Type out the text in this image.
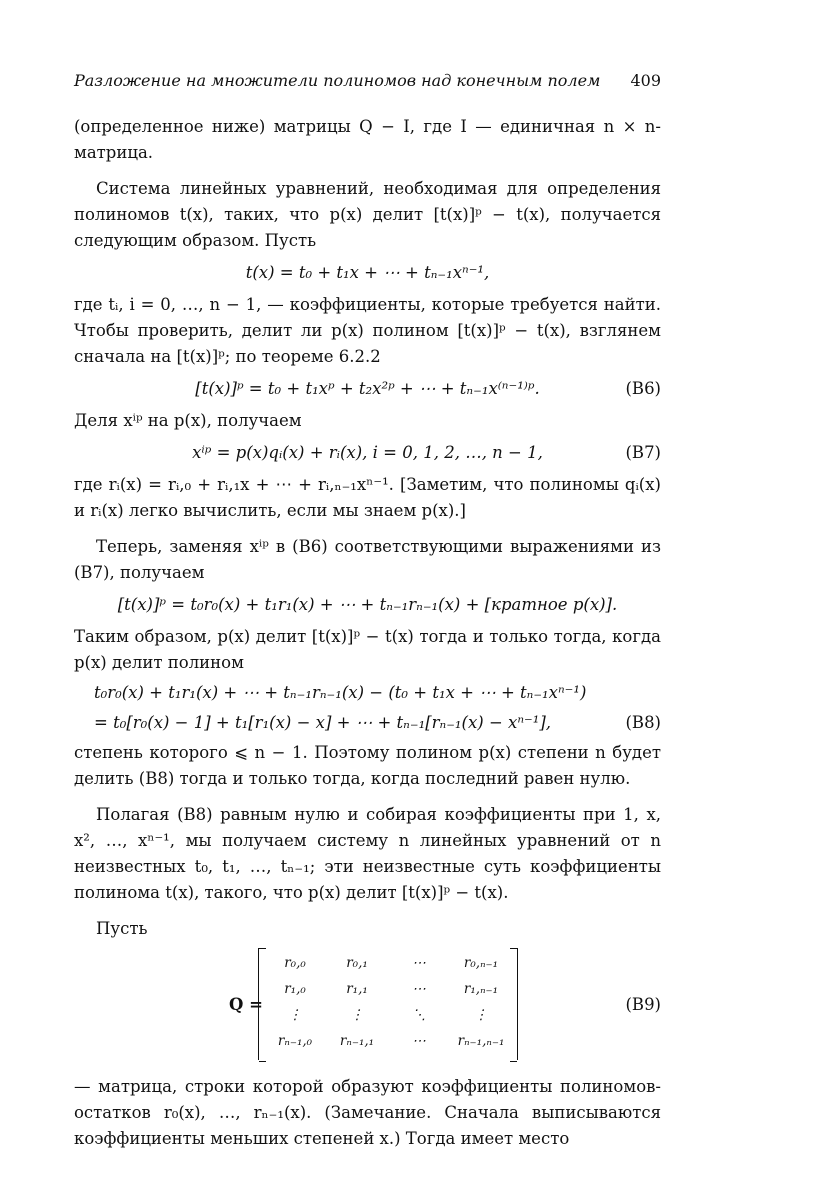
Разложение на множители полиномов над конечным полем 409

(определенное ниже) матрицы Q − I, где I — единичная n × n-матрица.

Система линейных уравнений, необходимая для определения полиномов t(x), таких, что p(x) делит [t(x)]ᵖ − t(x), получается следующим образом. Пусть

t(x) = t₀ + t₁x + ⋯ + tₙ₋₁xⁿ⁻¹,

где tᵢ, i = 0, …, n − 1, — коэффициенты, которые требуется найти. Чтобы проверить, делит ли p(x) полином [t(x)]ᵖ − t(x), взглянем сначала на [t(x)]ᵖ; по теореме 6.2.2

[t(x)]ᵖ = t₀ + t₁xᵖ + t₂x²ᵖ + ⋯ + tₙ₋₁x⁽ⁿ⁻¹⁾ᵖ.	(B6)

Деля xⁱᵖ на p(x), получаем

xⁱᵖ = p(x)qᵢ(x) + rᵢ(x), i = 0, 1, 2, …, n − 1,	(B7)

где rᵢ(x) = rᵢ,₀ + rᵢ,₁x + ⋯ + rᵢ,ₙ₋₁xⁿ⁻¹. [Заметим, что полиномы qᵢ(x) и rᵢ(x) легко вычислить, если мы знаем p(x).]

Теперь, заменяя xⁱᵖ в (B6) соответствующими выражениями из (B7), получаем

[t(x)]ᵖ = t₀r₀(x) + t₁r₁(x) + ⋯ + tₙ₋₁rₙ₋₁(x) + [кратное p(x)].

Таким образом, p(x) делит [t(x)]ᵖ − t(x) тогда и только тогда, когда p(x) делит полином

t₀r₀(x) + t₁r₁(x) + ⋯ + tₙ₋₁rₙ₋₁(x) − (t₀ + t₁x + ⋯ + tₙ₋₁xⁿ⁻¹)
= t₀[r₀(x) − 1] + t₁[r₁(x) − x] + ⋯ + tₙ₋₁[rₙ₋₁(x) − xⁿ⁻¹],	(B8)

степень которого ⩽ n − 1. Поэтому полином p(x) степени n будет делить (B8) тогда и только тогда, когда последний равен нулю.

Полагая (B8) равным нулю и собирая коэффициенты при 1, x, x², …, xⁿ⁻¹, мы получаем систему n линейных уравнений от n неизвестных t₀, t₁, …, tₙ₋₁; эти неизвестные суть коэффициенты полинома t(x), такого, что p(x) делит [t(x)]ᵖ − t(x).

Пусть

Q =
r₀,₀	r₀,₁	⋯	r₀,ₙ₋₁
r₁,₀	r₁,₁	⋯	r₁,ₙ₋₁
⋮	⋮	⋱	⋮
rₙ₋₁,₀	rₙ₋₁,₁	⋯	rₙ₋₁,ₙ₋₁
(B9)

— матрица, строки которой образуют коэффициенты полиномов-остатков r₀(x), …, rₙ₋₁(x). (Замечание. Сначала выписываются коэффициенты меньших степеней x.) Тогда имеет место
